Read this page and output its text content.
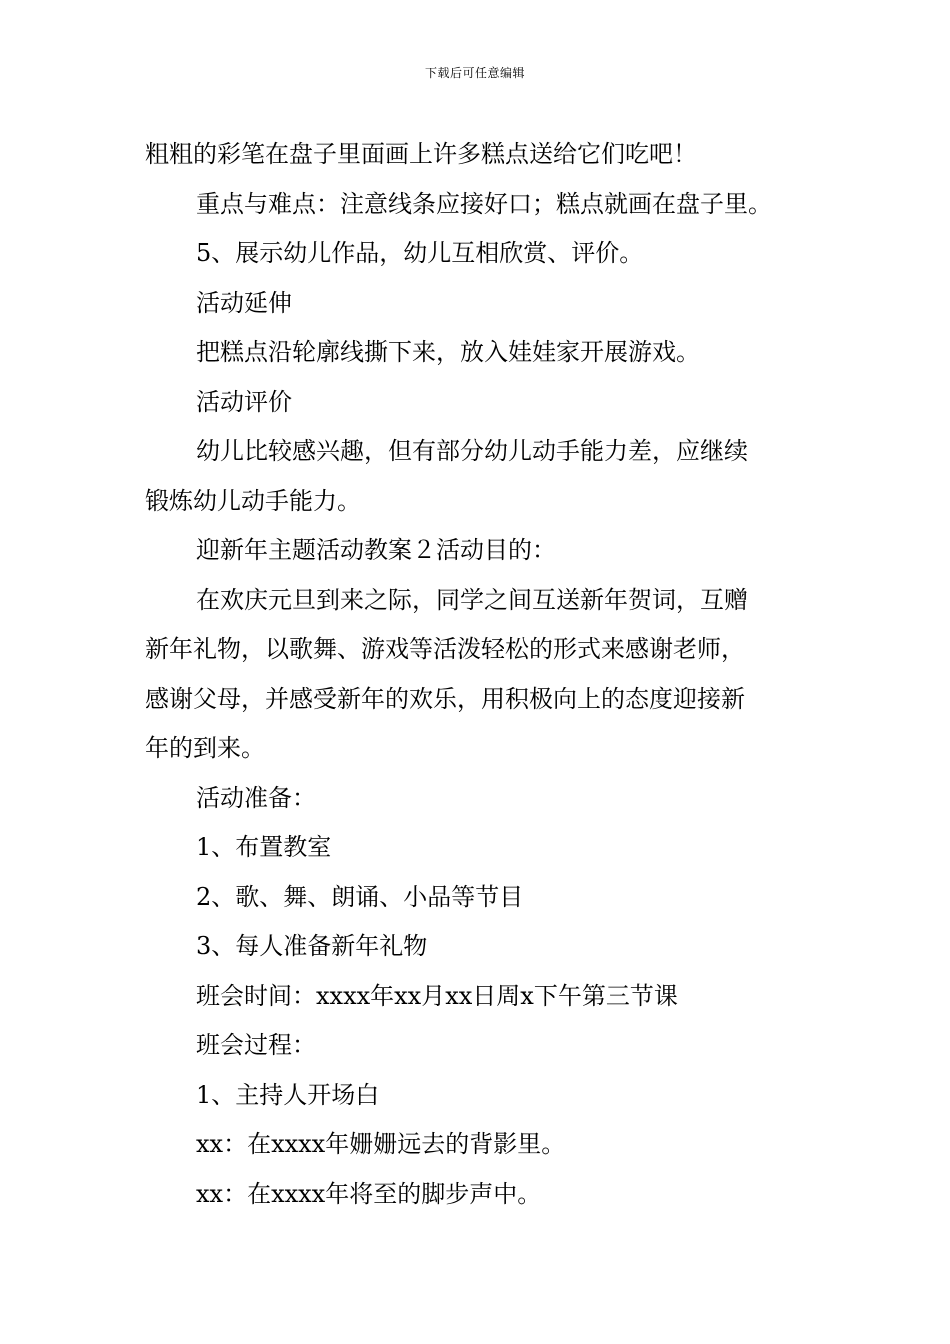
下载后可任意编辑

粗粗的彩笔在盘子里面画上许多糕点送给它们吃吧！

重点与难点：注意线条应接好口；糕点就画在盘子里。

5、展示幼儿作品，幼儿互相欣赏、评价。

活动延伸

把糕点沿轮廓线撕下来，放入娃娃家开展游戏。

活动评价

幼儿比较感兴趣，但有部分幼儿动手能力差，应继续

锻炼幼儿动手能力。

迎新年主题活动教案２活动目的：

在欢庆元旦到来之际，同学之间互送新年贺词，互赠

新年礼物，以歌舞、游戏等活泼轻松的形式来感谢老师，

感谢父母，并感受新年的欢乐，用积极向上的态度迎接新

年的到来。

活动准备：

1、布置教室

2、歌、舞、朗诵、小品等节目

3、每人准备新年礼物

班会时间：xxxx年xx月xx日周x下午第三节课

班会过程：

1、主持人开场白

xx：在xxxx年姗姗远去的背影里。

xx：在xxxx年将至的脚步声中。
